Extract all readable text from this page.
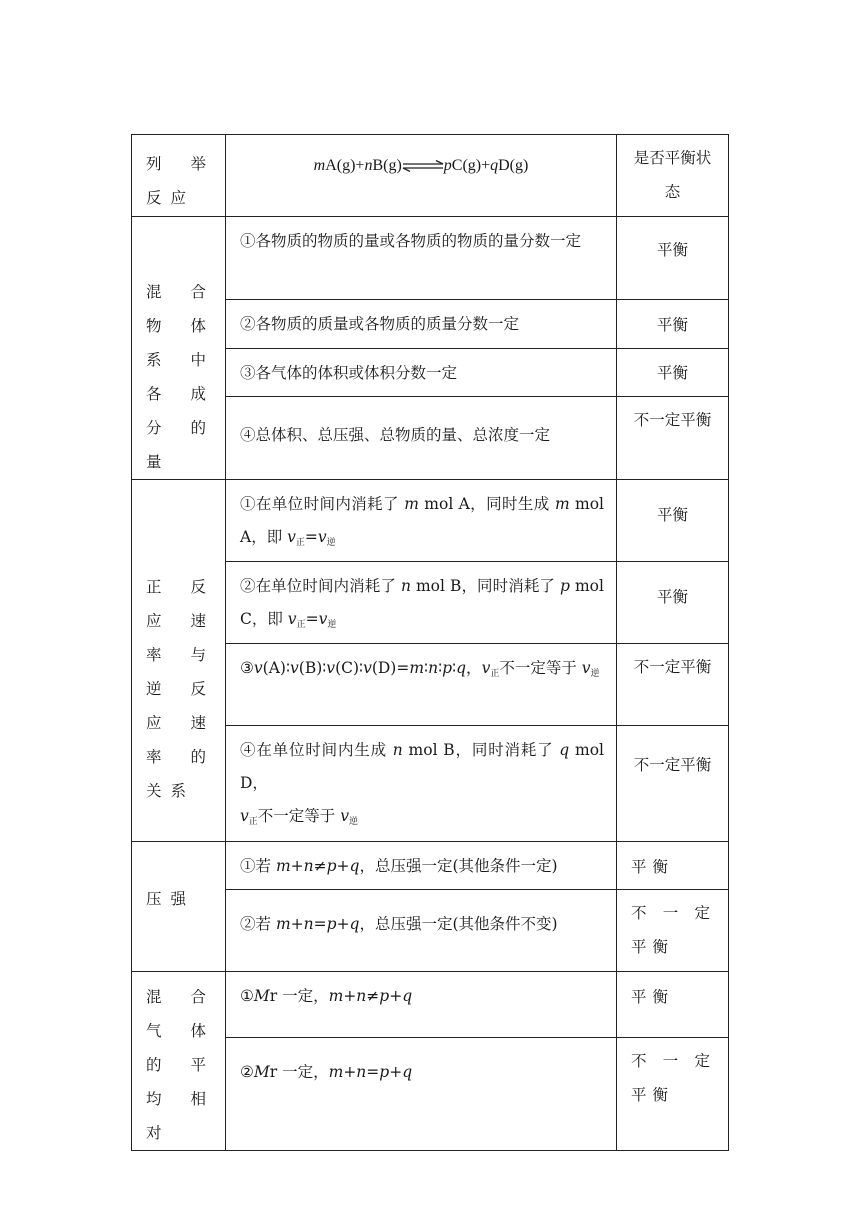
列举反应	mA(g)+nB(g)⇌pC(g)+qD(g)	是否平衡状态

混合物体系中各成分的量	①各物质的物质的量或各物质的物质的量分数一定	平衡

	②各物质的质量或各物质的质量分数一定	平衡

	③各气体的体积或体积分数一定	平衡

	④总体积、总压强、总物质的量、总浓度一定	不一定平衡

正反应速率与逆反应速率的关系	①在单位时间内消耗了 m mol A，同时生成 m mol A，即 $v_正=v_逆$	平衡

	②在单位时间内消耗了 n mol B，同时消耗了 p mol C，即 $v_正=v_逆$	平衡

	③v(A)∶v(B)∶v(C)∶v(D)=m∶n∶p∶q，$v_正$不一定等于 $v_逆$	不一定平衡

	④在单位时间内生成 n mol B，同时消耗了 q mol D，
$v_正$不一定等于 $v_逆$	不一定平衡

压强	①若 m+n≠p+q，总压强一定(其他条件一定)	平衡

	②若 m+n=p+q，总压强一定(其他条件不变)	不一定平衡

混合气体的平均相对	①Mr 一定，m+n≠p+q	平衡

	②Mr 一定，m+n=p+q	不一定平衡
